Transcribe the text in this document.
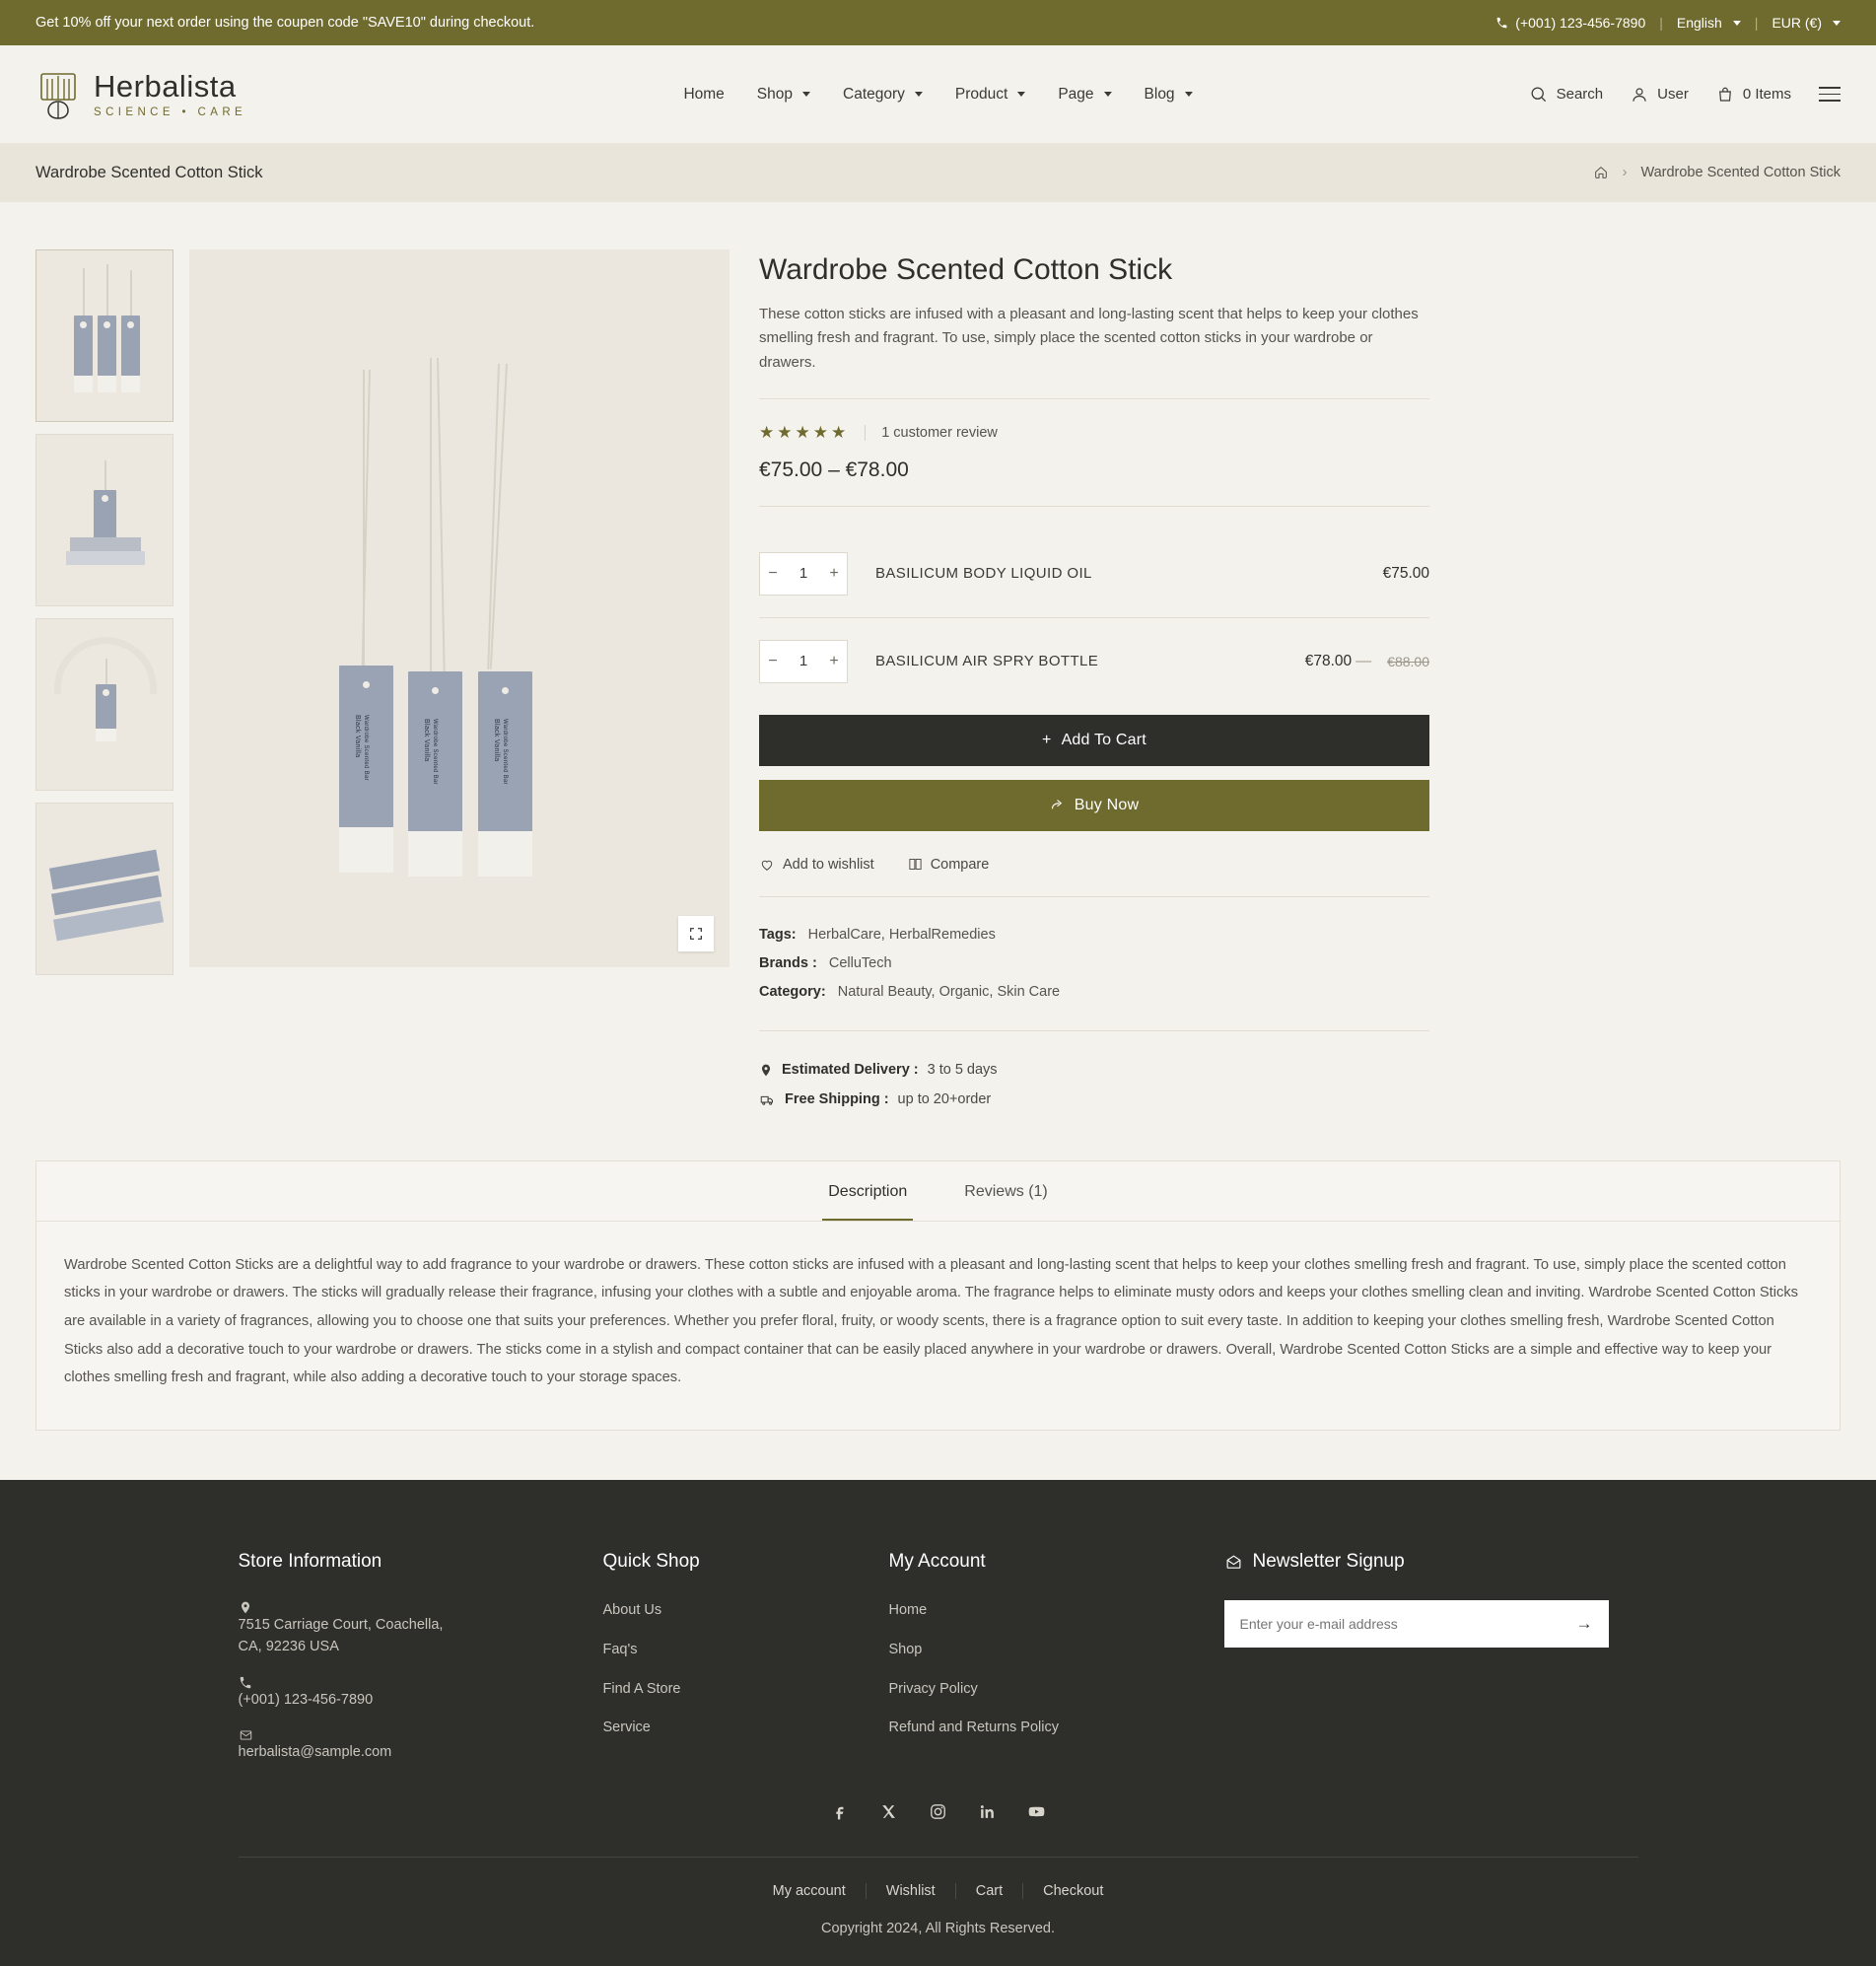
Get 10% off your next order using the coupen code "SAVE10" during checkout.	(+001) 123-456-7890 | English | EUR (€)
Herbalista
SCIENCE • CARE
Home Shop	Category	Product	Page	Blog	Search	User	0 Items
Wardrobe Scented Cotton Stick	› Wardrobe Scented Cotton Stick
Black Vanilla Wardrobe Scented Bar	Black Vanilla Wardrobe Scented Bar	Black Vanilla Wardrobe Scented Bar
Wardrobe Scented Cotton Stick

These cotton sticks are infused with a pleasant and long-lasting scent that helps to keep your clothes smelling fresh and fragrant. To use, simply place the scented cotton sticks in your wardrobe or drawers.

★★★★★ 1 customer review
€75.00 – €78.00
−	1	+	BASILICUM BODY LIQUID OIL	€75.00
−	1	+	BASILICUM AIR SPRY BOTTLE	€78.00 — €88.00
+ Add To Cart
Buy Now
Add to wishlist	Compare
Tags: HerbalCare, HerbalRemedies
Brands : CelluTech
Category: Natural Beauty, Organic, Skin Care
Estimated Delivery : 3 to 5 days
Free Shipping : up to 20+order
Description	Reviews (1)
Wardrobe Scented Cotton Sticks are a delightful way to add fragrance to your wardrobe or drawers. These cotton sticks are infused with a pleasant and long-lasting scent that helps to keep your clothes smelling fresh and fragrant. To use, simply place the scented cotton sticks in your wardrobe or drawers. The sticks will gradually release their fragrance, infusing your clothes with a subtle and enjoyable aroma. The fragrance helps to eliminate musty odors and keeps your clothes smelling clean and inviting. Wardrobe Scented Cotton Sticks are available in a variety of fragrances, allowing you to choose one that suits your preferences. Whether you prefer floral, fruity, or woody scents, there is a fragrance option to suit every taste. In addition to keeping your clothes smelling fresh, Wardrobe Scented Cotton Sticks also add a decorative touch to your wardrobe or drawers. The sticks come in a stylish and compact container that can be easily placed anywhere in your wardrobe or drawers. Overall, Wardrobe Scented Cotton Sticks are a simple and effective way to keep your clothes smelling fresh and fragrant, while also adding a decorative touch to your storage spaces.
Store Information
7515 Carriage Court, Coachella, CA, 92236 USA
(+001) 123-456-7890
herbalista@sample.com
Quick Shop
About Us
Faq's
Find A Store
Service
My Account
Home
Shop
Privacy Policy
Refund and Returns Policy
Newsletter Signup
Enter your e-mail address
→
My account	Wishlist	Cart	Checkout
Copyright 2024, All Rights Reserved.
